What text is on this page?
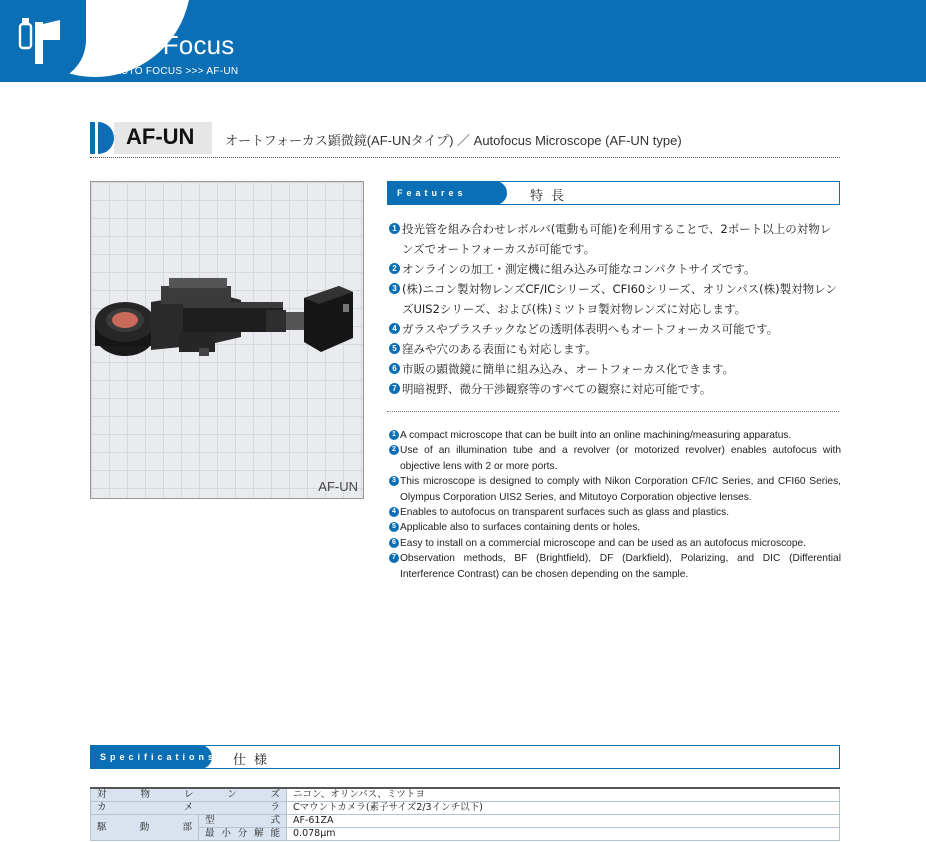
Auto Focus
AUTO FOCUS >>> AF-UN
AF-UN オートフォーカス顕微鏡(AF-UNタイプ) ／ Autofocus Microscope (AF-UN type)
AF-UN
Features	特長
1 投光管を組み合わせレボルバ(電動も可能)を利用することで、2ポート以上の対物レンズでオートフォーカスが可能です。
2 オンラインの加工・測定機に組み込み可能なコンパクトサイズです。
3 (株)ニコン製対物レンズCF/ICシリーズ、CFI60シリーズ、オリンパス(株)製対物レンズUIS2シリーズ、および(株)ミツトヨ製対物レンズに対応します。
4 ガラスやプラスチックなどの透明体表明へもオートフォーカス可能です。
5 窪みや穴のある表面にも対応します。
6 市販の顕微鏡に簡単に組み込み、オートフォーカス化できます。
7 明暗視野、微分干渉観察等のすべての観察に対応可能です。
1 A compact microscope that can be built into an online machining/measuring apparatus.
2 Use of an illumination tube and a revolver (or motorized revolver) enables autofocus with objective lens with 2 or more ports.
3 This microscope is designed to comply with Nikon Corporation CF/IC Series, and CFI60 Series, Olympus Corporation UIS2 Series, and Mitutoyo Corporation objective lenses.
4 Enables to autofocus on transparent surfaces such as glass and plastics.
5 Applicable also to surfaces containing dents or holes.
6 Easy to install on a commercial microscope and can be used as an autofocus microscope.
7 Observation methods, BF (Brightfield), DF (Darkfield), Polarizing, and DIC (Differential Interference Contrast) can be chosen depending on the sample.
Specifications 仕様
対物レンズ		ニコン、オリンパス、ミツトヨ
カメラ		Cマウントカメラ(素子サイズ2/3インチ以下)
駆動部	型式	AF-61ZA
	最小分解能	0.078μm
